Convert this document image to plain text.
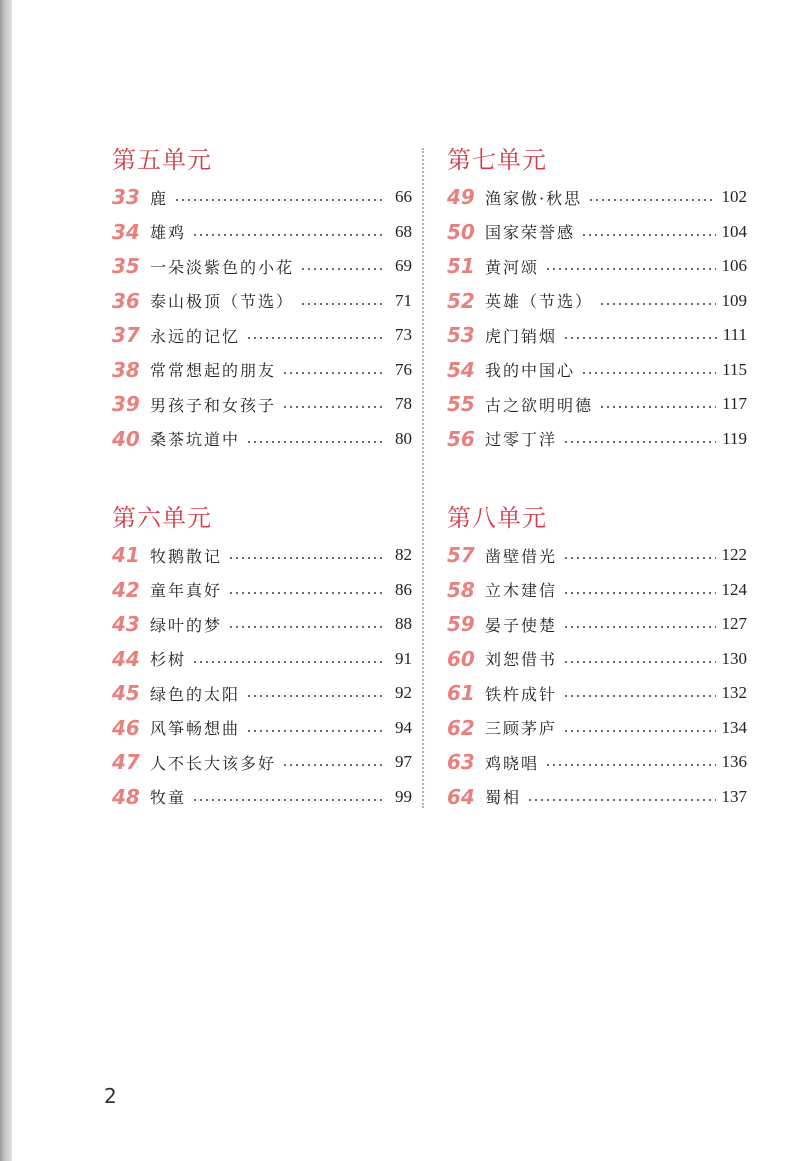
第五单元
33 鹿	66
34 雄鸡	68
35 一朵淡紫色的小花	69
36 泰山极顶（节选）	71
37 永远的记忆	73
38 常常想起的朋友	76
39 男孩子和女孩子	78
40 桑茶坑道中	80
第六单元
41 牧鹅散记	82
42 童年真好	86
43 绿叶的梦	88
44 杉树	91
45 绿色的太阳	92
46 风筝畅想曲	94
47 人不长大该多好	97
48 牧童	99
第七单元
49 渔家傲·秋思	102
50 国家荣誉感	104
51 黄河颂	106
52 英雄（节选）	109
53 虎门销烟	111
54 我的中国心	115
55 古之欲明明德	117
56 过零丁洋	119
第八单元
57 凿壁借光	122
58 立木建信	124
59 晏子使楚	127
60 刘恕借书	130
61 铁杵成针	132
62 三顾茅庐	134
63 鸡晓唱	136
64 蜀相	137
2
